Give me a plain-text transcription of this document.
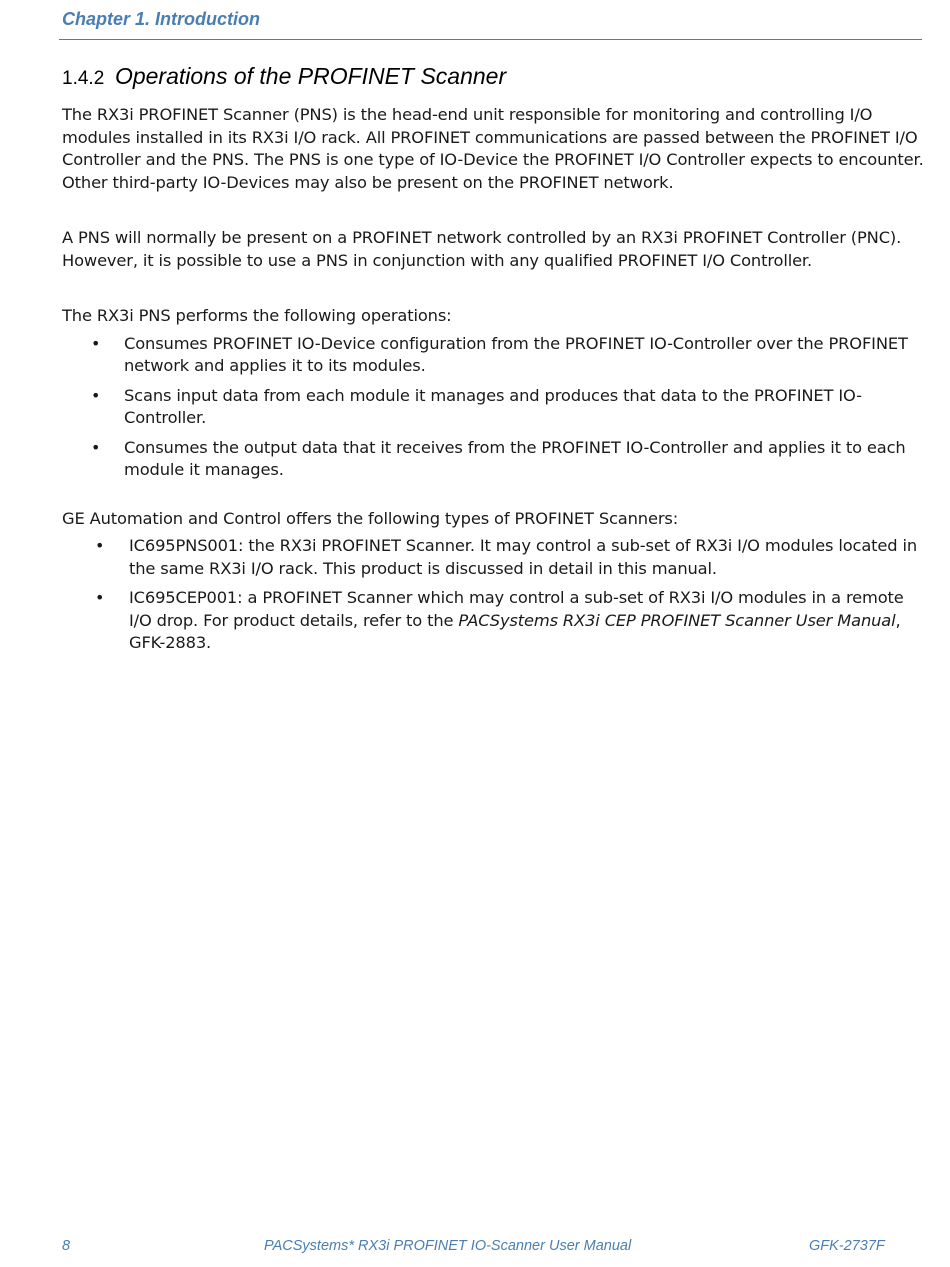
Chapter 1. Introduction
1.4.2 Operations of the PROFINET Scanner

The RX3i PROFINET Scanner (PNS) is the head-end unit responsible for monitoring and controlling I/O modules installed in its RX3i I/O rack. All PROFINET communications are passed between the PROFINET I/O Controller and the PNS. The PNS is one type of IO-Device the PROFINET I/O Controller expects to encounter. Other third-party IO-Devices may also be present on the PROFINET network.

A PNS will normally be present on a PROFINET network controlled by an RX3i PROFINET Controller (PNC). However, it is possible to use a PNS in conjunction with any qualified PROFINET I/O Controller.

The RX3i PNS performs the following operations:

• Consumes PROFINET IO-Device configuration from the PROFINET IO-Controller over the PROFINET network and applies it to its modules.
• Scans input data from each module it manages and produces that data to the PROFINET IO-Controller.
• Consumes the output data that it receives from the PROFINET IO-Controller and applies it to each module it manages.

GE Automation and Control offers the following types of PROFINET Scanners:

• IC695PNS001: the RX3i PROFINET Scanner. It may control a sub-set of RX3i I/O modules located in the same RX3i I/O rack. This product is discussed in detail in this manual.
• IC695CEP001: a PROFINET Scanner which may control a sub-set of RX3i I/O modules in a remote I/O drop. For product details, refer to the PACSystems RX3i CEP PROFINET Scanner User Manual, GFK-2883.
8	PACSystems* RX3i PROFINET IO-Scanner User Manual	GFK-2737F
